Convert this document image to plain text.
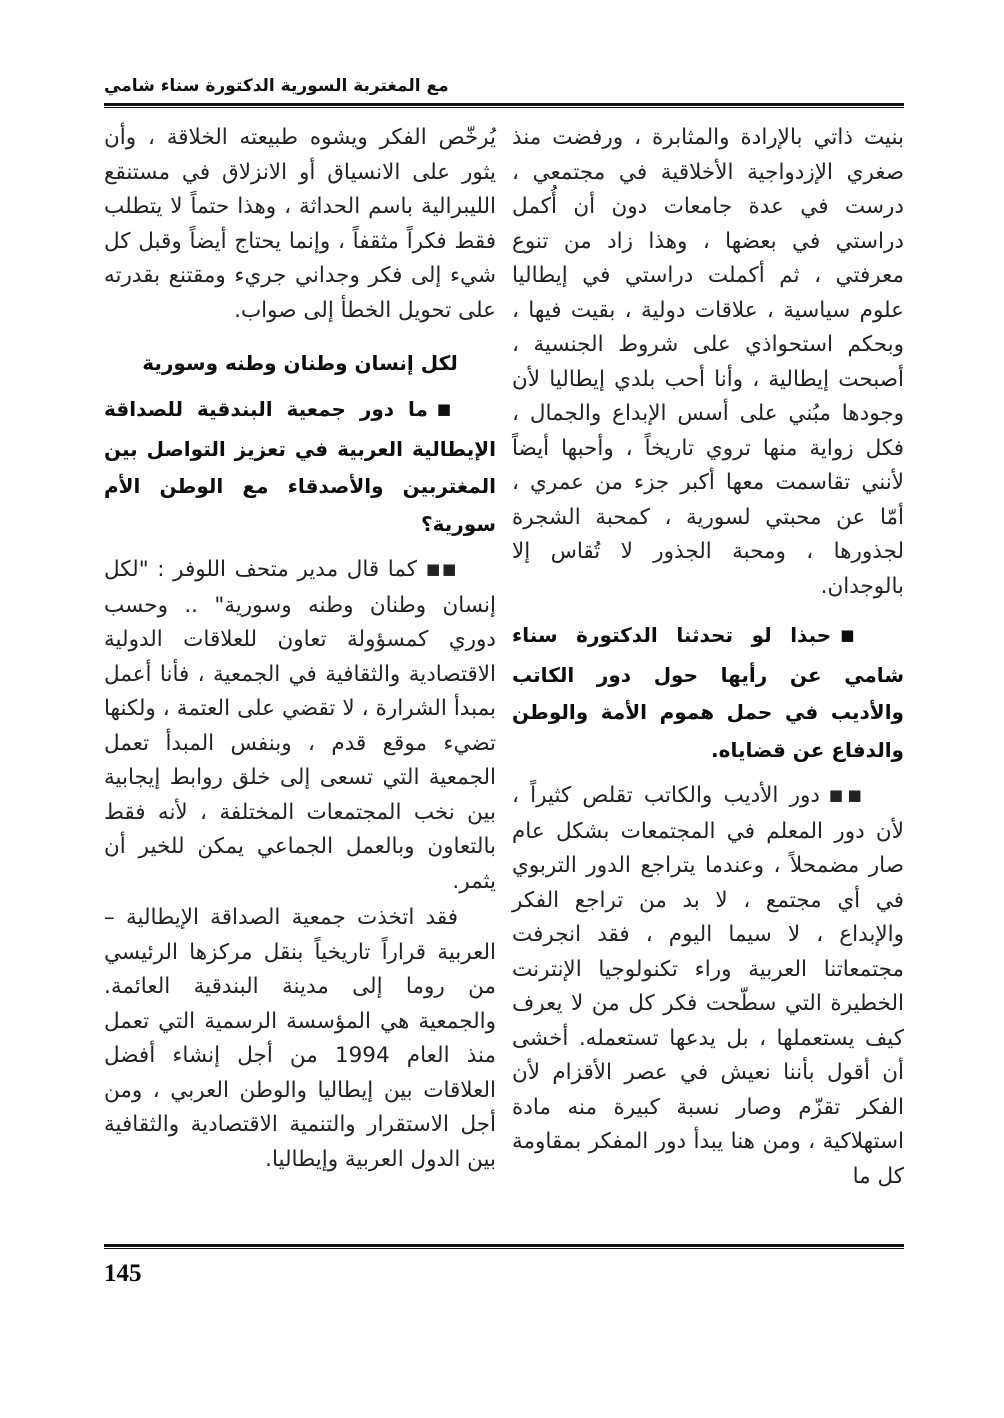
مع المغتربة السورية الدكتورة سناء شامي

بنيت ذاتي بالإرادة والمثابرة ، ورفضت منذ صغري الإزدواجية الأخلاقية في مجتمعي ، درست في عدة جامعات دون أن أُكمل دراستي في بعضها ، وهذا زاد من تنوع معرفتي ، ثم أكملت دراستي في إيطاليا علوم سياسية ، علاقات دولية ، بقيت فيها ، وبحكم استحواذي على شروط الجنسية ، أصبحت إيطالية ، وأنا أحب بلدي إيطاليا لأن وجودها مبُني على أسس الإبداع والجمال ، فكل زواية منها تروي تاريخاً ، وأحبها أيضاً لأنني تقاسمت معها أكبر جزء من عمري ، أمّا عن محبتي لسورية ، كمحبة الشجرة لجذورها ، ومحبة الجذور لا تُقاس إلا بالوجدان.

■حبذا لو تحدثنا الدكتورة سناء شامي عن رأيها حول دور الكاتب والأديب في حمل هموم الأمة والوطن والدفاع عن قضاياه.

■■دور الأديب والكاتب تقلص كثيراً ، لأن دور المعلم في المجتمعات بشكل عام صار مضمحلاً ، وعندما يتراجع الدور التربوي في أي مجتمع ، لا بد من تراجع الفكر والإبداع ، لا سيما اليوم ، فقد انجرفت مجتمعاتنا العربية وراء تكنولوجيا الإنترنت الخطيرة التي سطّحت فكر كل من لا يعرف كيف يستعملها ، بل يدعها تستعمله. أخشى أن أقول بأننا نعيش في عصر الأقزام لأن الفكر تقزّم وصار نسبة كبيرة منه مادة استهلاكية ، ومن هنا يبدأ دور المفكر بمقاومة كل ما

يُرخّص الفكر ويشوه طبيعته الخلاقة ، وأن يثور على الانسياق أو الانزلاق في مستنقع الليبرالية باسم الحداثة ، وهذا حتماً لا يتطلب فقط فكراً مثقفاً ، وإنما يحتاج أيضاً وقبل كل شيء إلى فكر وجداني جريء ومقتنع بقدرته على تحويل الخطأ إلى صواب.

لكل إنسان وطنان وطنه وسورية

■ما دور جمعية البندقية للصداقة الإيطالية العربية في تعزيز التواصل بين المغتربين والأصدقاء مع الوطن الأم سورية؟

■■كما قال مدير متحف اللوفر : "لكل إنسان وطنان وطنه وسورية" .. وحسب دوري كمسؤولة تعاون للعلاقات الدولية الاقتصادية والثقافية في الجمعية ، فأنا أعمل بمبدأ الشرارة ، لا تقضي على العتمة ، ولكنها تضيء موقع قدم ، وبنفس المبدأ تعمل الجمعية التي تسعى إلى خلق روابط إيجابية بين نخب المجتمعات المختلفة ، لأنه فقط بالتعاون وبالعمل الجماعي يمكن للخير أن يثمر.

فقد اتخذت جمعية الصداقة الإيطالية – العربية قراراً تاريخياً بنقل مركزها الرئيسي من روما إلى مدينة البندقية العائمة. والجمعية هي المؤسسة الرسمية التي تعمل منذ العام 1994 من أجل إنشاء أفضل العلاقات بين إيطاليا والوطن العربي ، ومن أجل الاستقرار والتنمية الاقتصادية والثقافية بين الدول العربية وإيطاليا.

145
